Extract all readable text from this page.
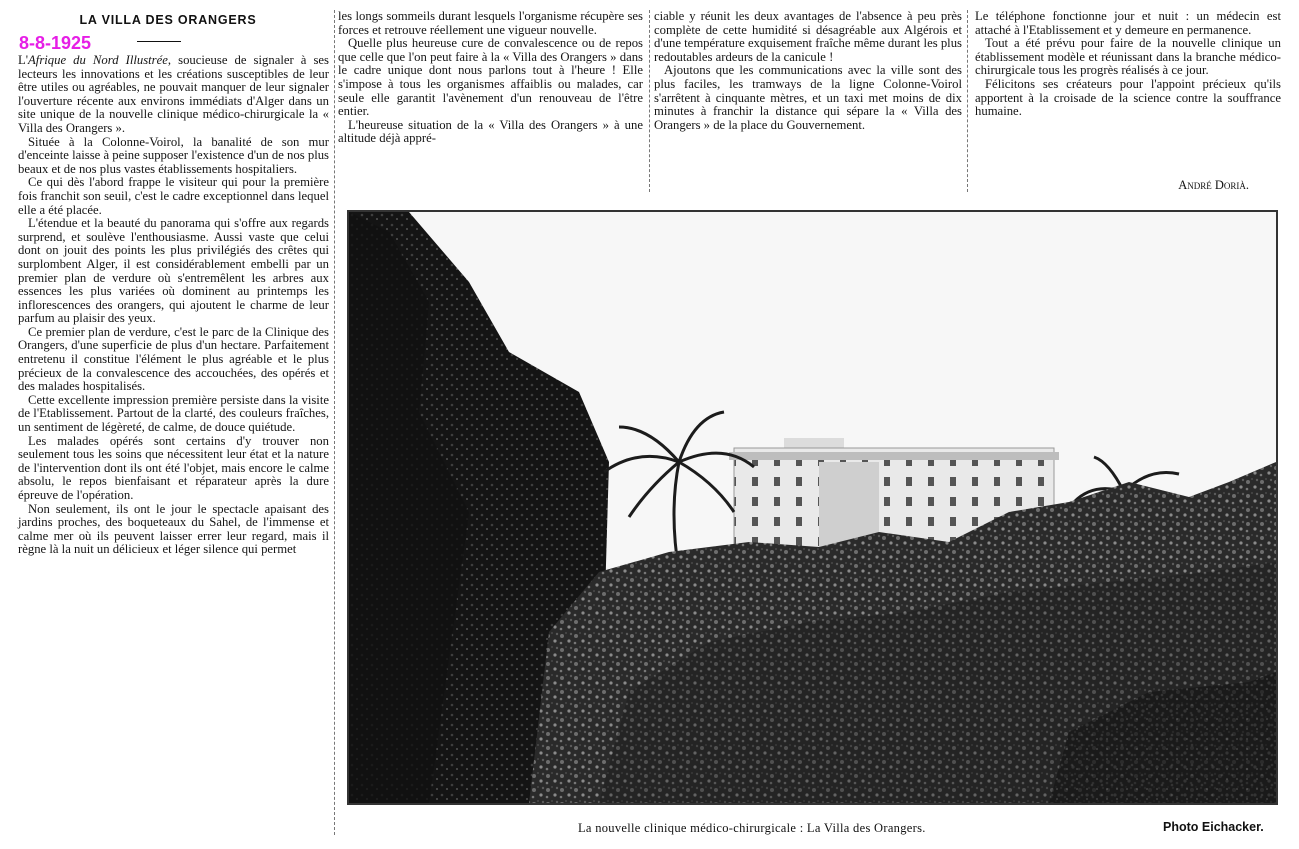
LA VILLA DES ORANGERS
8-8-1925

L'Afrique du Nord Illustrée, soucieuse de signaler à ses lecteurs les innovations et les créations susceptibles de leur être utiles ou agréables, ne pouvait manquer de leur signaler l'ouverture récente aux environs immédiats d'Alger dans un site unique de la nouvelle clinique médico-chirurgicale la « Villa des Orangers ».

Située à la Colonne-Voirol, la banalité de son mur d'enceinte laisse à peine supposer l'existence d'un de nos plus beaux et de nos plus vastes établissements hospitaliers.

Ce qui dès l'abord frappe le visiteur qui pour la première fois franchit son seuil, c'est le cadre exceptionnel dans lequel elle a été placée.

L'étendue et la beauté du panorama qui s'offre aux regards surprend, et soulève l'enthousiasme. Aussi vaste que celui dont on jouit des points les plus privilégiés des crêtes qui surplombent Alger, il est considérablement embelli par un premier plan de verdure où s'entremêlent les arbres aux essences les plus variées où dominent au printemps les inflorescences des orangers, qui ajoutent le charme de leur parfum au plaisir des yeux.

Ce premier plan de verdure, c'est le parc de la Clinique des Orangers, d'une superficie de plus d'un hectare. Parfaitement entretenu il constitue l'élément le plus agréable et le plus précieux de la convalescence des accouchées, des opérés et des malades hospitalisés.

Cette excellente impression première persiste dans la visite de l'Etablissement. Partout de la clarté, des couleurs fraîches, un sentiment de légèreté, de calme, de douce quiétude.

Les malades opérés sont certains d'y trouver non seulement tous les soins que nécessitent leur état et la nature de l'intervention dont ils ont été l'objet, mais encore le calme absolu, le repos bienfaisant et réparateur après la dure épreuve de l'opération.

Non seulement, ils ont le jour le spectacle apaisant des jardins proches, des boqueteaux du Sahel, de l'immense et calme mer où ils peuvent laisser errer leur regard, mais il règne là la nuit un délicieux et léger silence qui permet

les longs sommeils durant lesquels l'organisme récupère ses forces et retrouve réellement une vigueur nouvelle.

Quelle plus heureuse cure de convalescence ou de repos que celle que l'on peut faire à la « Villa des Orangers » dans le cadre unique dont nous parlons tout à l'heure ! Elle s'impose à tous les organismes affaiblis ou malades, car seule elle garantit l'avènement d'un renouveau de l'être entier.

L'heureuse situation de la « Villa des Orangers » à une altitude déjà appré-

ciable y réunit les deux avantages de l'absence à peu près complète de cette humidité si désagréable aux Algérois et d'une température exquisement fraîche même durant les plus redoutables ardeurs de la canicule !

Ajoutons que les communications avec la ville sont des plus faciles, les tramways de la ligne Colonne-Voirol s'arrêtent à cinquante mètres, et un taxi met moins de dix minutes à franchir la distance qui sépare la « Villa des Orangers » de la place du Gouvernement.

Le téléphone fonctionne jour et nuit : un médecin est attaché à l'Etablissement et y demeure en permanence.

Tout a été prévu pour faire de la nouvelle clinique un établissement modèle et réunissant dans la branche médico-chirurgicale tous les progrès réalisés à ce jour.

Félicitons ses créateurs pour l'appoint précieux qu'ils apportent à la croisade de la science contre la souffrance humaine.

André Dorià.
La nouvelle clinique médico-chirurgicale : La Villa des Orangers.	Photo Eichacker.
